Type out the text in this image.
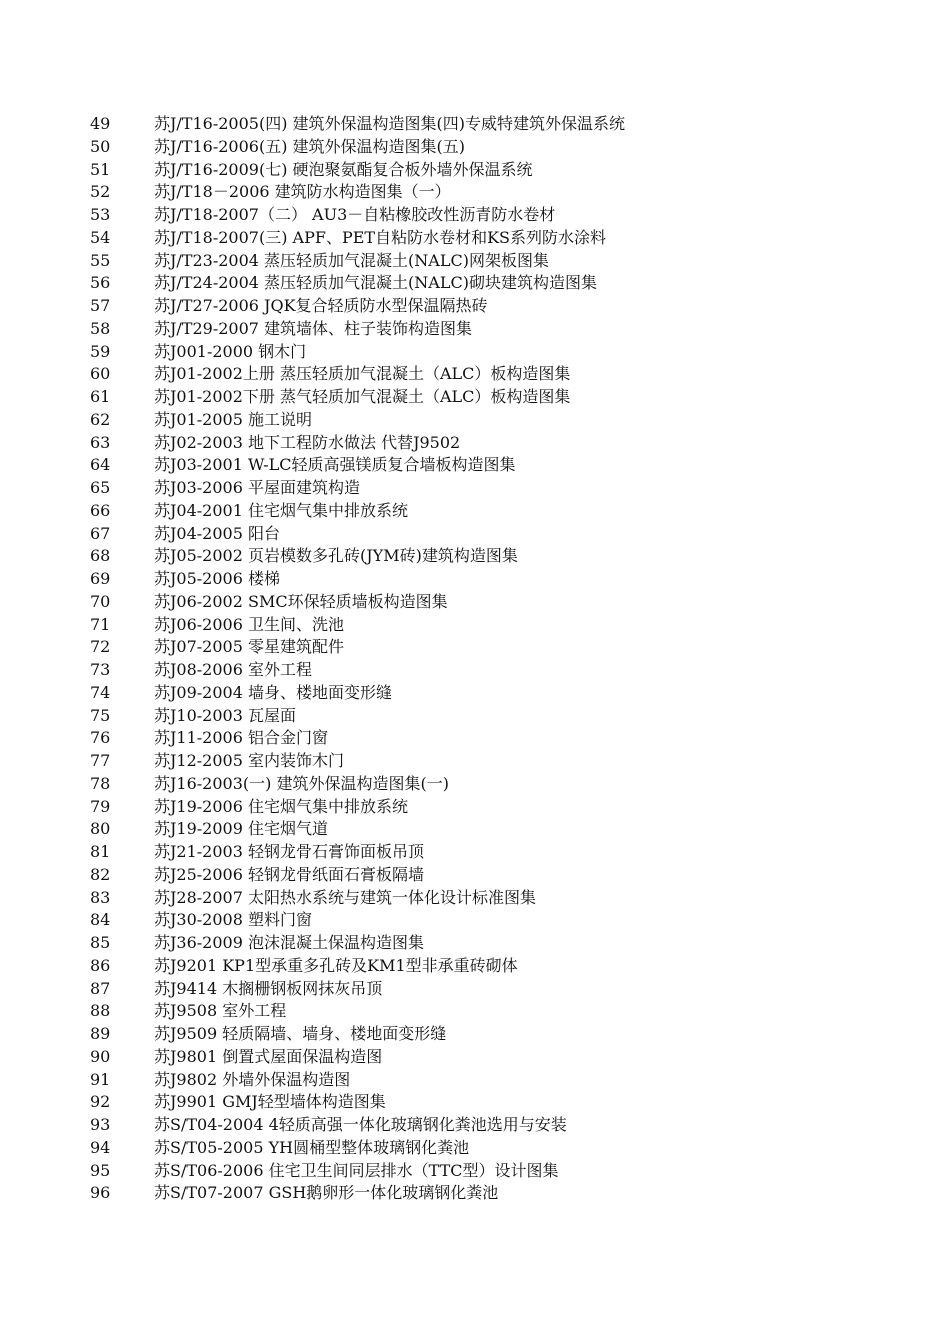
49	苏J/T16-2005(四) 建筑外保温构造图集(四)专威特建筑外保温系统
50	苏J/T16-2006(五) 建筑外保温构造图集(五)
51	苏J/T16-2009(七) 硬泡聚氨酯复合板外墙外保温系统
52	苏J/T18－2006 建筑防水构造图集（一）
53	苏J/T18-2007（二） AU3－自粘橡胶改性沥青防水卷材
54	苏J/T18-2007(三) APF、PET自粘防水卷材和KS系列防水涂料
55	苏J/T23-2004 蒸压轻质加气混凝土(NALC)网架板图集
56	苏J/T24-2004 蒸压轻质加气混凝土(NALC)砌块建筑构造图集
57	苏J/T27-2006 JQK复合轻质防水型保温隔热砖
58	苏J/T29-2007 建筑墙体、柱子装饰构造图集
59	苏J001-2000 钢木门
60	苏J01-2002上册 蒸压轻质加气混凝土（ALC）板构造图集
61	苏J01-2002下册 蒸气轻质加气混凝土（ALC）板构造图集
62	苏J01-2005 施工说明
63	苏J02-2003 地下工程防水做法 代替J9502
64	苏J03-2001 W-LC轻质高强镁质复合墙板构造图集
65	苏J03-2006 平屋面建筑构造
66	苏J04-2001 住宅烟气集中排放系统
67	苏J04-2005 阳台
68	苏J05-2002 页岩模数多孔砖(JYM砖)建筑构造图集
69	苏J05-2006 楼梯
70	苏J06-2002 SMC环保轻质墙板构造图集
71	苏J06-2006 卫生间、洗池
72	苏J07-2005 零星建筑配件
73	苏J08-2006 室外工程
74	苏J09-2004 墙身、楼地面变形缝
75	苏J10-2003 瓦屋面
76	苏J11-2006 铝合金门窗
77	苏J12-2005 室内装饰木门
78	苏J16-2003(一) 建筑外保温构造图集(一)
79	苏J19-2006 住宅烟气集中排放系统
80	苏J19-2009 住宅烟气道
81	苏J21-2003 轻钢龙骨石膏饰面板吊顶
82	苏J25-2006 轻钢龙骨纸面石膏板隔墙
83	苏J28-2007 太阳热水系统与建筑一体化设计标准图集
84	苏J30-2008 塑料门窗
85	苏J36-2009 泡沫混凝土保温构造图集
86	苏J9201 KP1型承重多孔砖及KM1型非承重砖砌体
87	苏J9414 木搁栅钢板网抹灰吊顶
88	苏J9508 室外工程
89	苏J9509 轻质隔墙、墙身、楼地面变形缝
90	苏J9801 倒置式屋面保温构造图
91	苏J9802 外墙外保温构造图
92	苏J9901 GMJ轻型墙体构造图集
93	苏S/T04-2004 4轻质高强一体化玻璃钢化粪池选用与安装
94	苏S/T05-2005 YH圆桶型整体玻璃钢化粪池
95	苏S/T06-2006 住宅卫生间同层排水（TTC型）设计图集
96	苏S/T07-2007 GSH鹅卵形一体化玻璃钢化粪池
